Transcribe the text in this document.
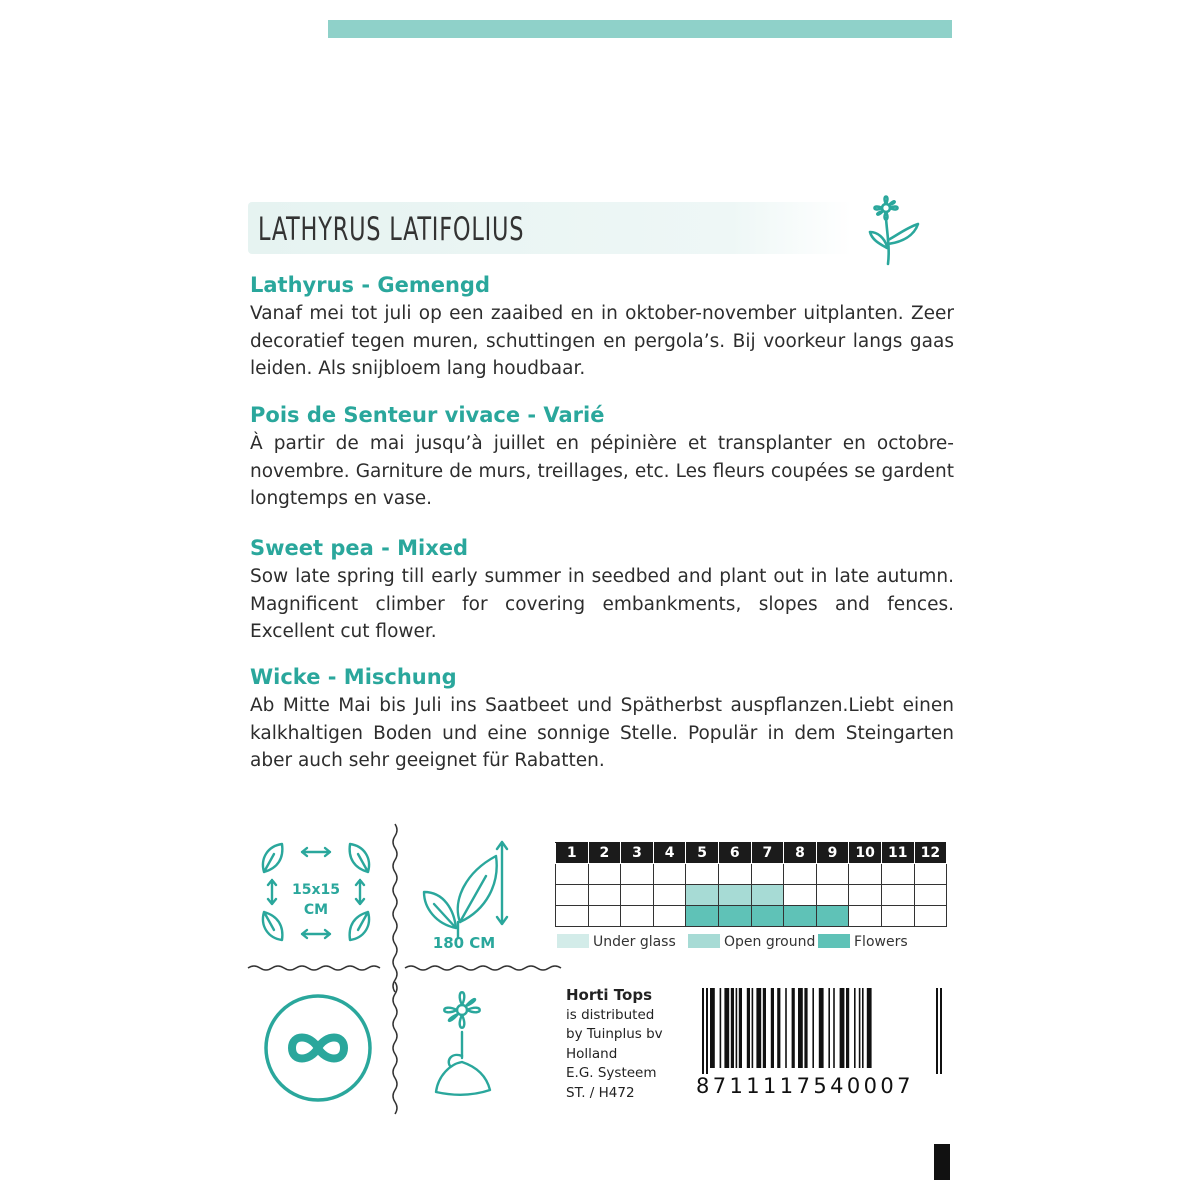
LATHYRUS LATIFOLIUS
Lathyrus - Gemengd
Vanaf mei tot juli op een zaaibed en in oktober-november uitplanten. Zeer decoratief tegen muren, schuttingen en pergola’s. Bij voorkeur langs gaas leiden. Als snijbloem lang houdbaar.
Pois de Senteur vivace - Varié
À partir de mai jusqu’à juillet en pépinière et transplanter en octobre-novembre. Garniture de murs, treillages, etc. Les fleurs coupées se gardent longtemps en vase.
Sweet pea - Mixed
Sow late spring till early summer in seedbed and plant out in late autumn. Magnificent climber for covering embankments, slopes and fences. Excellent cut flower.
Wicke - Mischung
Ab Mitte Mai bis Juli ins Saatbeet und Spätherbst auspflanzen.Liebt einen kalkhaltigen Boden und eine sonnige Stelle. Populär in dem Steingarten aber auch sehr geeignet für Rabatten.
15x15
CM
180 CM
1	2	3	4	5	6	7	8	9	10	11	12

Under glass	Open ground	Flowers
Horti Tops
is distributed
by Tuinplus bv
Holland
E.G. Systeem
ST. / H472	8711117540007
